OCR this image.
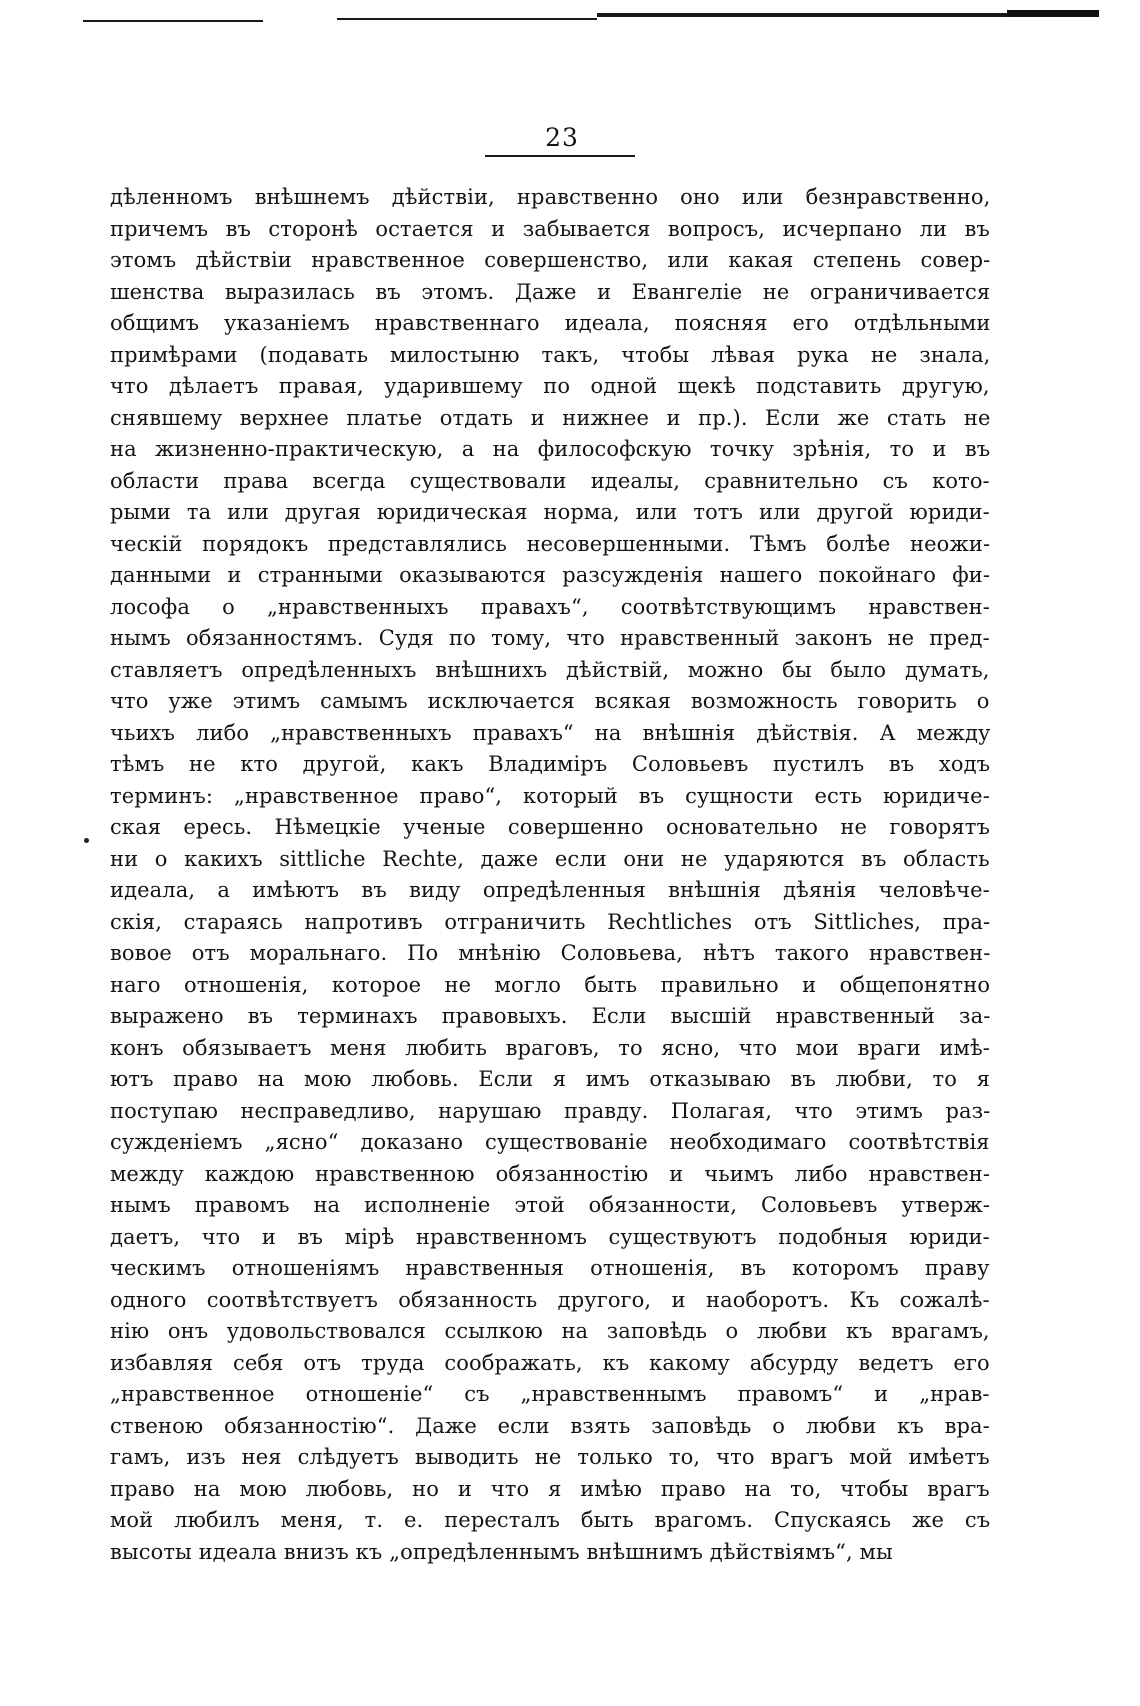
23
дѣленномъ внѣшнемъ дѣйствіи, нравственно оно или безнравственно,
причемъ въ сторонѣ остается и забывается вопросъ, исчерпано ли въ
этомъ дѣйствіи нравственное совершенство, или какая степень совер-
шенства выразилась въ этомъ. Даже и Евангеліе не ограничивается
общимъ указаніемъ нравственнаго идеала, поясняя его отдѣльными
примѣрами (подавать милостыню такъ, чтобы лѣвая рука не знала,
что дѣлаетъ правая, ударившему по одной щекѣ подставить другую,
снявшему верхнее платье отдать и нижнее и пр.). Если же стать не
на жизненно-практическую, а на философскую точку зрѣнія, то и въ
области права всегда существовали идеалы, сравнительно съ кото-
рыми та или другая юридическая норма, или тотъ или другой юриди-
ческій порядокъ представлялись несовершенными. Тѣмъ болѣе неожи-
данными и странными оказываются разсужденія нашего покойнаго фи-
лософа о „нравственныхъ правахъ“, соотвѣтствующимъ нравствен-
нымъ обязанностямъ. Судя по тому, что нравственный законъ не пред-
ставляетъ опредѣленныхъ внѣшнихъ дѣйствій, можно бы было думать,
что уже этимъ самымъ исключается всякая возможность говорить о
чьихъ либо „нравственныхъ правахъ“ на внѣшнія дѣйствія. А между
тѣмъ не кто другой, какъ Владиміръ Соловьевъ пустилъ въ ходъ
терминъ: „нравственное право“, который въ сущности есть юридиче-
ская ересь. Нѣмецкіе ученые совершенно основательно не говорятъ
ни о какихъ sittliche Rechte, даже если они не ударяются въ область
идеала, а имѣютъ въ виду опредѣленныя внѣшнія дѣянія человѣче-
скія, стараясь напротивъ отграничить Rechtliches отъ Sittliches, пра-
вовое отъ моральнаго. По мнѣнію Соловьева, нѣтъ такого нравствен-
наго отношенія, которое не могло быть правильно и общепонятно
выражено въ терминахъ правовыхъ. Если высшій нравственный за-
конъ обязываетъ меня любить враговъ, то ясно, что мои враги имѣ-
ютъ право на мою любовь. Если я имъ отказываю въ любви, то я
поступаю несправедливо, нарушаю правду. Полагая, что этимъ раз-
сужденіемъ „ясно“ доказано существованіе необходимаго соотвѣтствія
между каждою нравственною обязанностію и чьимъ либо нравствен-
нымъ правомъ на исполненіе этой обязанности, Соловьевъ утверж-
даетъ, что и въ мірѣ нравственномъ существуютъ подобныя юриди-
ческимъ отношеніямъ нравственныя отношенія, въ которомъ праву
одного соотвѣтствуетъ обязанность другого, и наоборотъ. Къ сожалѣ-
нію онъ удовольствовался ссылкою на заповѣдь о любви къ врагамъ,
избавляя себя отъ труда соображать, къ какому абсурду ведетъ его
„нравственное отношеніе“ съ „нравственнымъ правомъ“ и „нрав-
ственою обязанностію“. Даже если взять заповѣдь о любви къ вра-
гамъ, изъ нея слѣдуетъ выводить не только то, что врагъ мой имѣетъ
право на мою любовь, но и что я имѣю право на то, чтобы врагъ
мой любилъ меня, т. е. пересталъ быть врагомъ. Спускаясь же съ
высоты идеала внизъ къ „опредѣленнымъ внѣшнимъ дѣйствіямъ“, мы
